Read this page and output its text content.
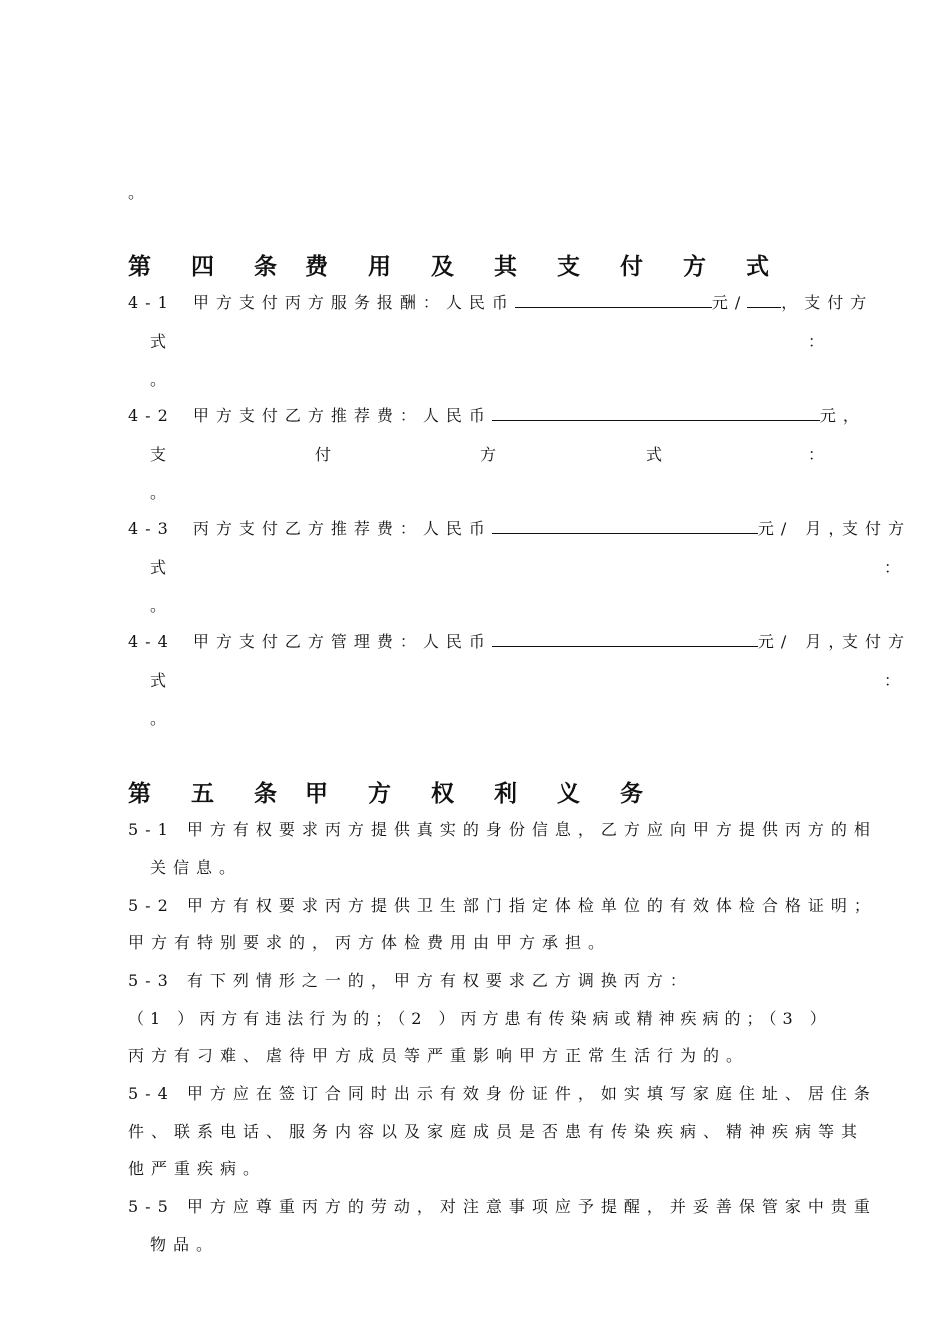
。
第 四 条 费 用 及 其 支 付 方 式
4-1 甲方支付丙方服务报酬：人民币	元/ ，支付方
式	：
。
4-2 甲方支付乙方推荐费：人民币	元，
支	付	方	式	：
。
4-3 丙方支付乙方推荐费：人民币	元/ 月，
支付方
式	：
。
4-4 甲方支付乙方管理费：人民币	元/ 月，
支付方
式	：
。
第 五 条 甲 方 权 利 义 务
5-1 甲方有权要求丙方提供真实的身份信息，乙方应向甲方提供丙方的相
关信息。
5-2 甲方有权要求丙方提供卫生部门指定体检单位的有效体检合格证明；
甲方有特别要求的，丙方体检费用由甲方承担。
5-3 有下列情形之一的，甲方有权要求乙方调换丙方：
（1 ）丙方有违法行为的；（2 ）丙方患有传染病或精神疾病的；（3 ）
丙方有刁难、虐待甲方成员等严重影响甲方正常生活行为的。
5-4 甲方应在签订合同时出示有效身份证件，如实填写家庭住址、居住条
件、联系电话、服务内容以及家庭成员是否患有传染疾病、精神疾病等其
他严重疾病。
5-5 甲方应尊重丙方的劳动，对注意事项应予提醒，并妥善保管家中贵重
物品。
